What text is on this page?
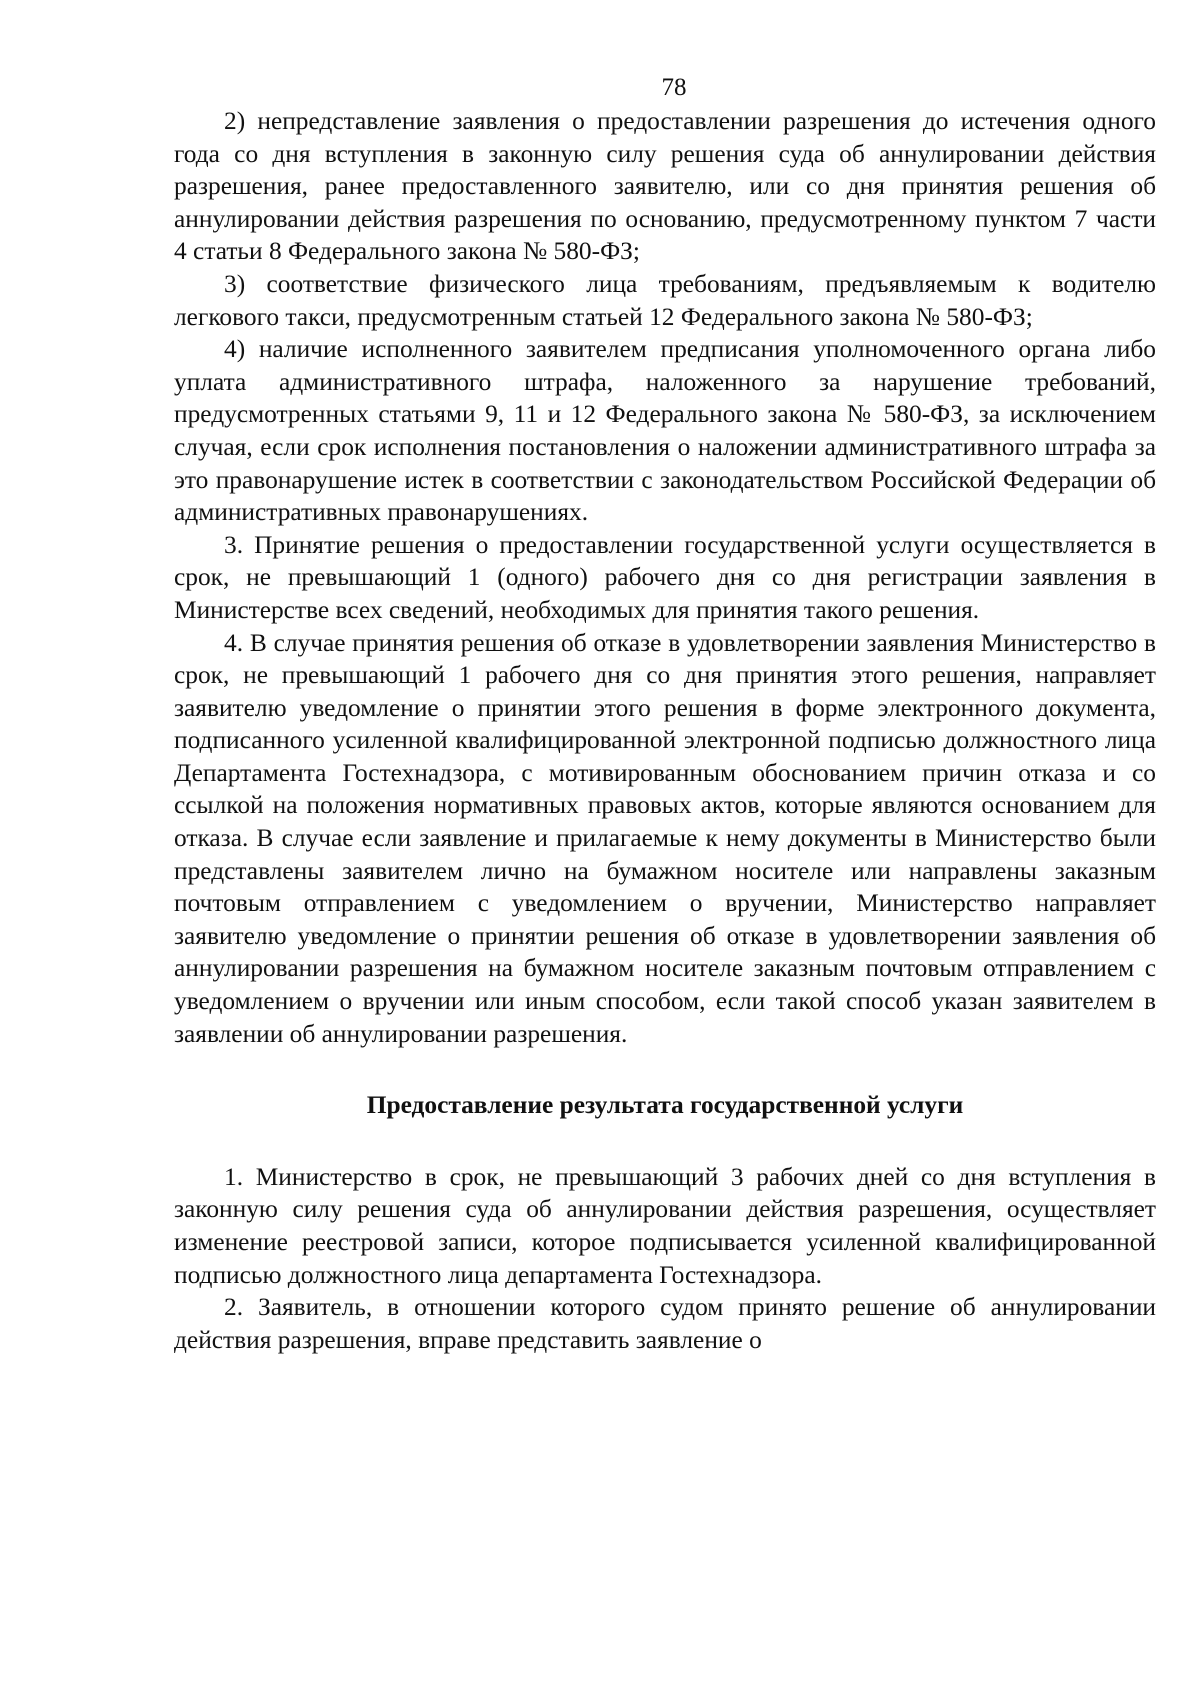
78

2) непредставление заявления о предоставлении разрешения до истечения одного года со дня вступления в законную силу решения суда об аннулировании действия разрешения, ранее предоставленного заявителю, или со дня принятия решения об аннулировании действия разрешения по основанию, предусмотренному пунктом 7 части 4 статьи 8 Федерального закона № 580-ФЗ;

3) соответствие физического лица требованиям, предъявляемым к водителю легкового такси, предусмотренным статьей 12 Федерального закона № 580-ФЗ;

4) наличие исполненного заявителем предписания уполномоченного органа либо уплата административного штрафа, наложенного за нарушение требований, предусмотренных статьями 9, 11 и 12 Федерального закона № 580-ФЗ, за исключением случая, если срок исполнения постановления о наложении административного штрафа за это правонарушение истек в соответствии с законодательством Российской Федерации об административных правонарушениях.

3. Принятие решения о предоставлении государственной услуги осуществляется в срок, не превышающий 1 (одного) рабочего дня со дня регистрации заявления в Министерстве всех сведений, необходимых для принятия такого решения.

4. В случае принятия решения об отказе в удовлетворении заявления Министерство в срок, не превышающий 1 рабочего дня со дня принятия этого решения, направляет заявителю уведомление о принятии этого решения в форме электронного документа, подписанного усиленной квалифицированной электронной подписью должностного лица Департамента Гостехнадзора, с мотивированным обоснованием причин отказа и со ссылкой на положения нормативных правовых актов, которые являются основанием для отказа. В случае если заявление и прилагаемые к нему документы в Министерство были представлены заявителем лично на бумажном носителе или направлены заказным почтовым отправлением с уведомлением о вручении, Министерство направляет заявителю уведомление о принятии решения об отказе в удовлетворении заявления об аннулировании разрешения на бумажном носителе заказным почтовым отправлением с уведомлением о вручении или иным способом, если такой способ указан заявителем в заявлении об аннулировании разрешения.

Предоставление результата государственной услуги

1. Министерство в срок, не превышающий 3 рабочих дней со дня вступления в законную силу решения суда об аннулировании действия разрешения, осуществляет изменение реестровой записи, которое подписывается усиленной квалифицированной подписью должностного лица департамента Гостехнадзора.

2. Заявитель, в отношении которого судом принято решение об аннулировании действия разрешения, вправе представить заявление о
